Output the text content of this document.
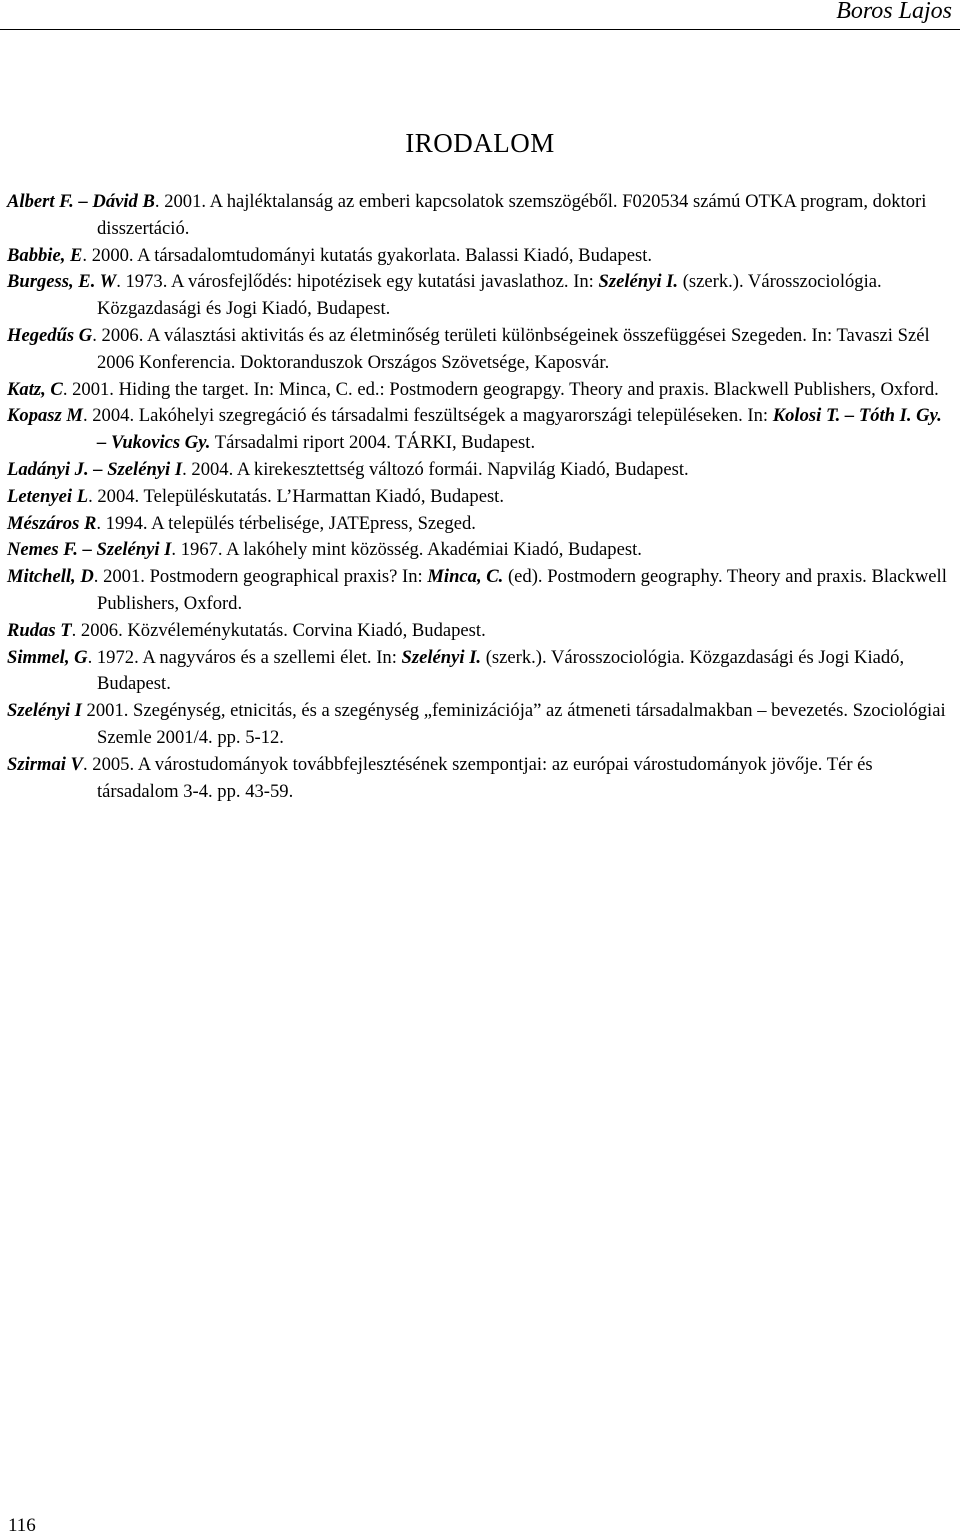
Boros Lajos
IRODALOM
Albert F. – Dávid B. 2001. A hajléktalanság az emberi kapcsolatok szemszögéből. F020534 számú OTKA program, doktori disszertáció.
Babbie, E. 2000. A társadalomtudományi kutatás gyakorlata. Balassi Kiadó, Budapest.
Burgess, E. W. 1973. A városfejlődés: hipotézisek egy kutatási javaslathoz. In: Szelényi I. (szerk.). Városszociológia. Közgazdasági és Jogi Kiadó, Budapest.
Hegedűs G. 2006. A választási aktivitás és az életminőség területi különbségeinek összefüggései Szegeden. In: Tavaszi Szél 2006 Konferencia. Doktoranduszok Országos Szövetsége, Kaposvár.
Katz, C. 2001. Hiding the target. In: Minca, C. ed.: Postmodern geograpgy. Theory and praxis. Blackwell Publishers, Oxford.
Kopasz M. 2004. Lakóhelyi szegregáció és társadalmi feszültségek a magyarországi településeken. In: Kolosi T. – Tóth I. Gy. – Vukovics Gy. Társadalmi riport 2004. TÁRKI, Budapest.
Ladányi J. – Szelényi I. 2004. A kirekesztettség változó formái. Napvilág Kiadó, Budapest.
Letenyei L. 2004. Településkutatás. L’Harmattan Kiadó, Budapest.
Mészáros R. 1994. A település térbelisége, JATEpress, Szeged.
Nemes F. – Szelényi I. 1967. A lakóhely mint közösség. Akadémiai Kiadó, Budapest.
Mitchell, D. 2001. Postmodern geographical praxis? In: Minca, C. (ed). Postmodern geography. Theory and praxis. Blackwell Publishers, Oxford.
Rudas T. 2006. Közvéleménykutatás. Corvina Kiadó, Budapest.
Simmel, G. 1972. A nagyváros és a szellemi élet. In: Szelényi I. (szerk.). Városszociológia. Közgazdasági és Jogi Kiadó, Budapest.
Szelényi I 2001. Szegénység, etnicitás, és a szegénység „feminizációja” az átmeneti társadalmakban – bevezetés. Szociológiai Szemle 2001/4. pp. 5-12.
Szirmai V. 2005. A várostudományok továbbfejlesztésének szempontjai: az európai várostudományok jövője. Tér és társadalom 3-4. pp. 43-59.
116
